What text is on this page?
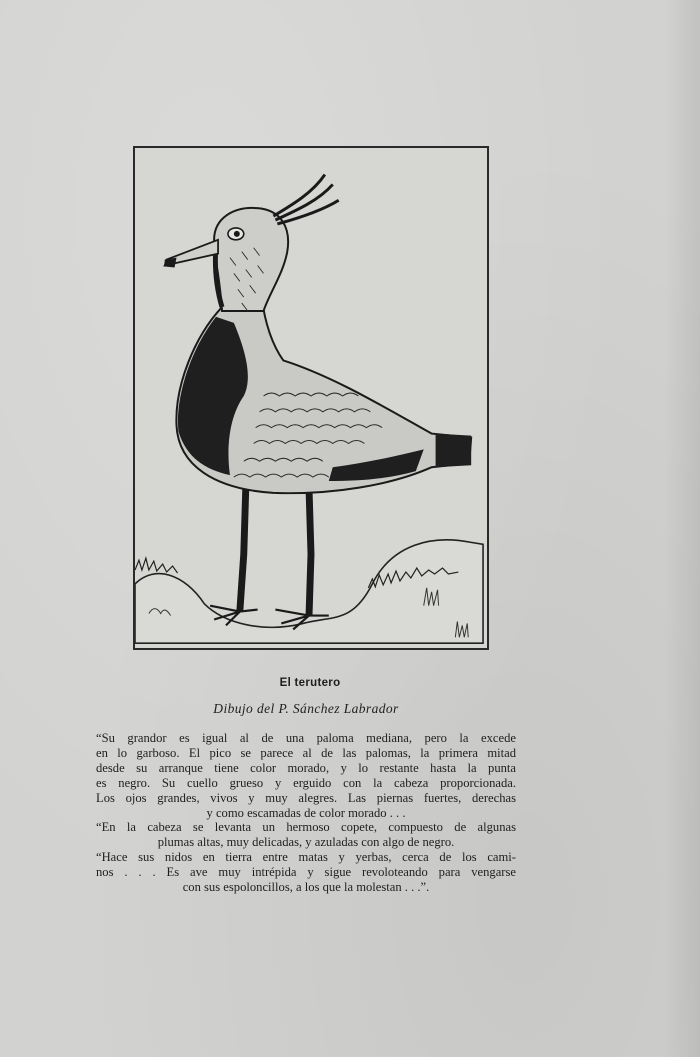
El terutero
Dibujo del P. Sánchez Labrador
“Su grandor es igual al de una paloma mediana, pero la excede
en lo garboso. El pico se parece al de las palomas, la primera mitad
desde su arranque tiene color morado, y lo restante hasta la punta
es negro. Su cuello grueso y erguido con la cabeza proporcionada.
Los ojos grandes, vivos y muy alegres. Las piernas fuertes, derechas
y como escamadas de color morado . . .
“En la cabeza se levanta un hermoso copete, compuesto de algunas
plumas altas, muy delicadas, y azuladas con algo de negro.
“Hace sus nidos en tierra entre matas y yerbas, cerca de los cami-
nos . . . Es ave muy intrépida y sigue revoloteando para vengarse
con sus espoloncillos, a los que la molestan . . .”.
